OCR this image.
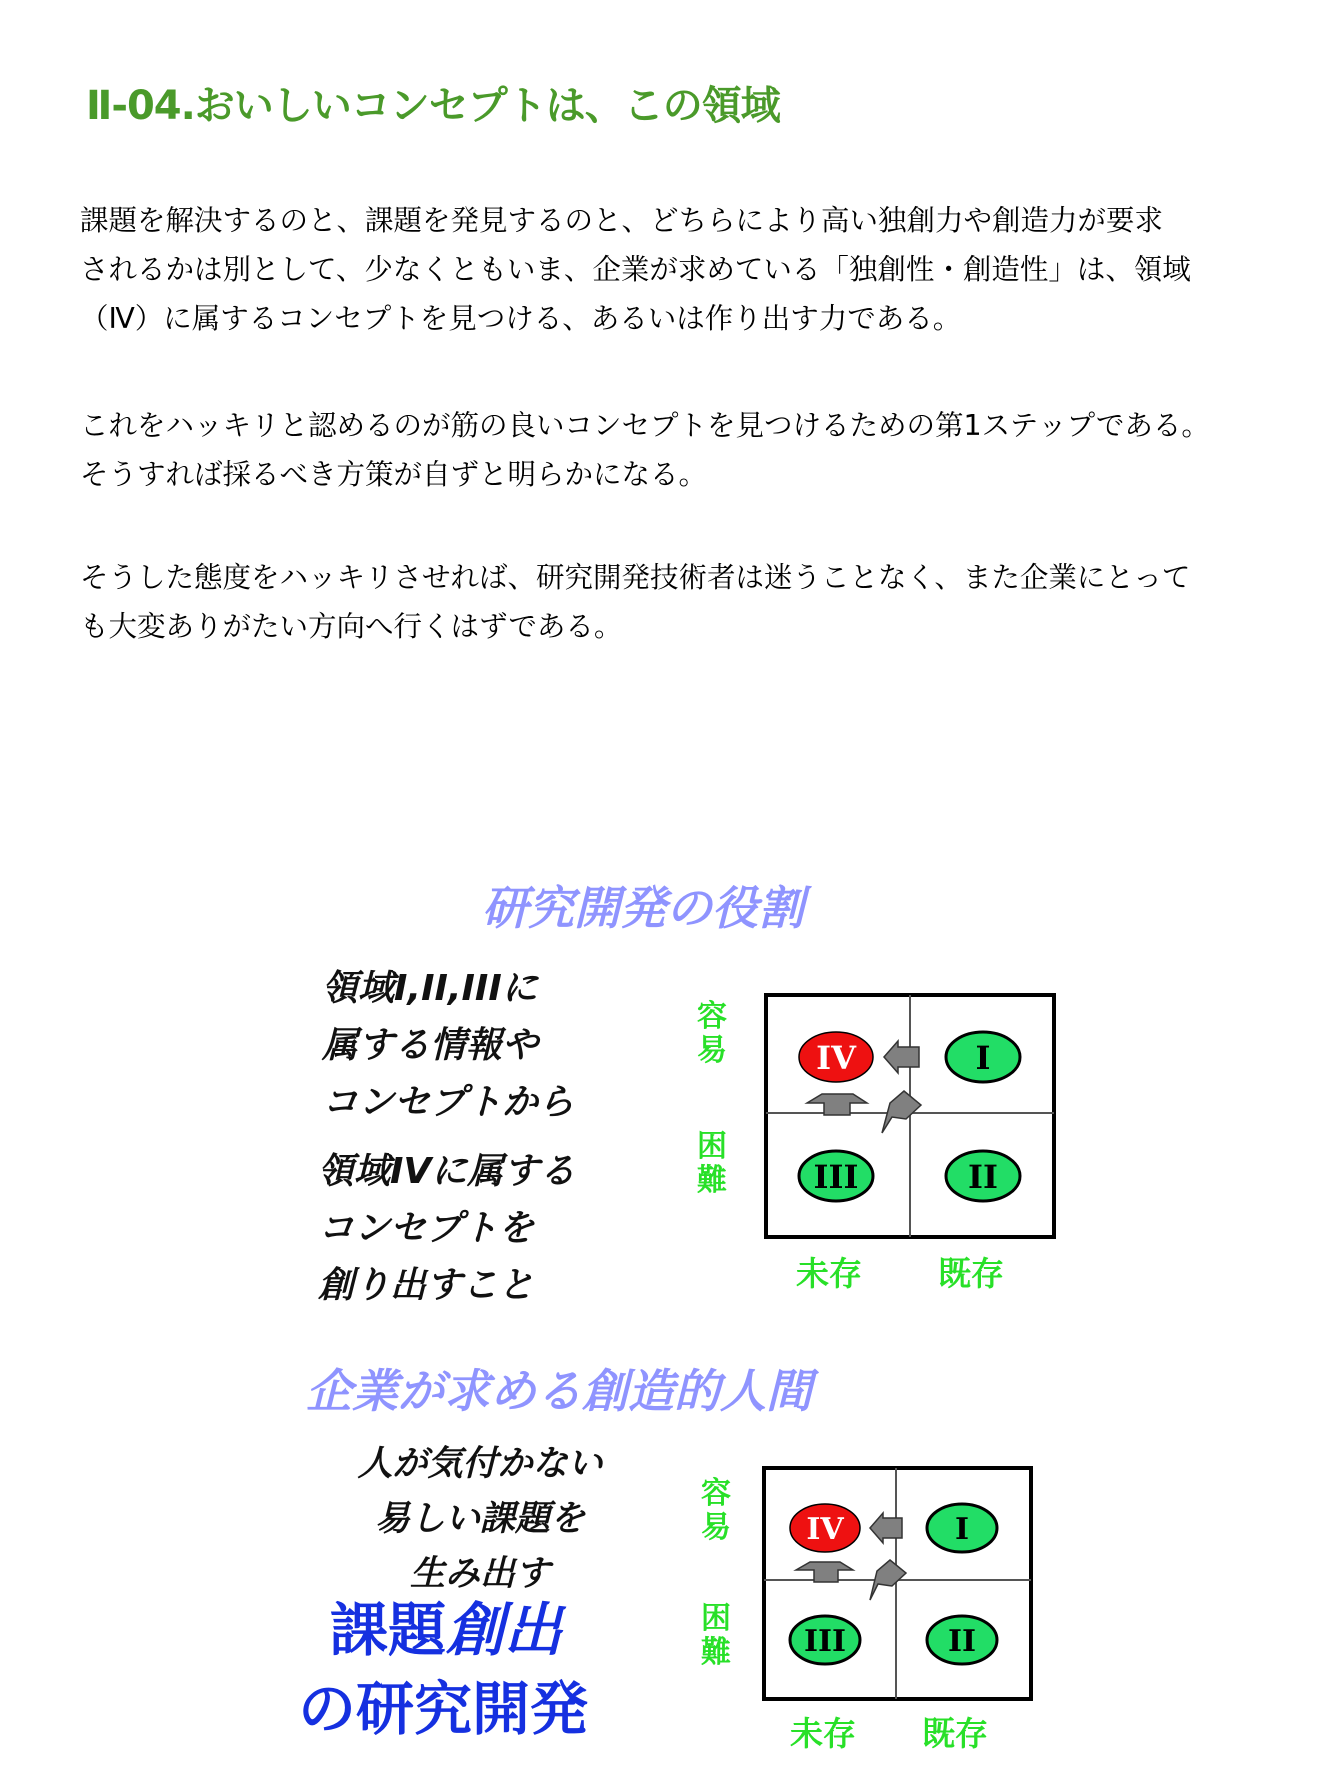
Ⅱ-04.おいしいコンセプトは、この領域
課題を解決するのと、課題を発見するのと、どちらにより高い独創力や創造力が要求
されるかは別として、少なくともいま、企業が求めている「独創性・創造性」は、領域
（Ⅳ）に属するコンセプトを見つける、あるいは作り出す力である。
これをハッキリと認めるのが筋の良いコンセプトを見つけるための第1ステップである。
そうすれば採るべき方策が自ずと明らかになる。
そうした態度をハッキリさせれば、研究開発技術者は迷うことなく、また企業にとって
も大変ありがたい方向へ行くはずである。
研究開発の役割
領域I,II,IIIに
属する情報や
コンセプトから
領域IVに属する
コンセプトを
創り出すこと
容
易
困
難
未存 既存
IV	I
III	II
企業が求める創造的人間
人が気付かない
易しい課題を
生み出す
課題創出
の研究開発
容
易
困
難
未存 既存
IV	I
III	II
